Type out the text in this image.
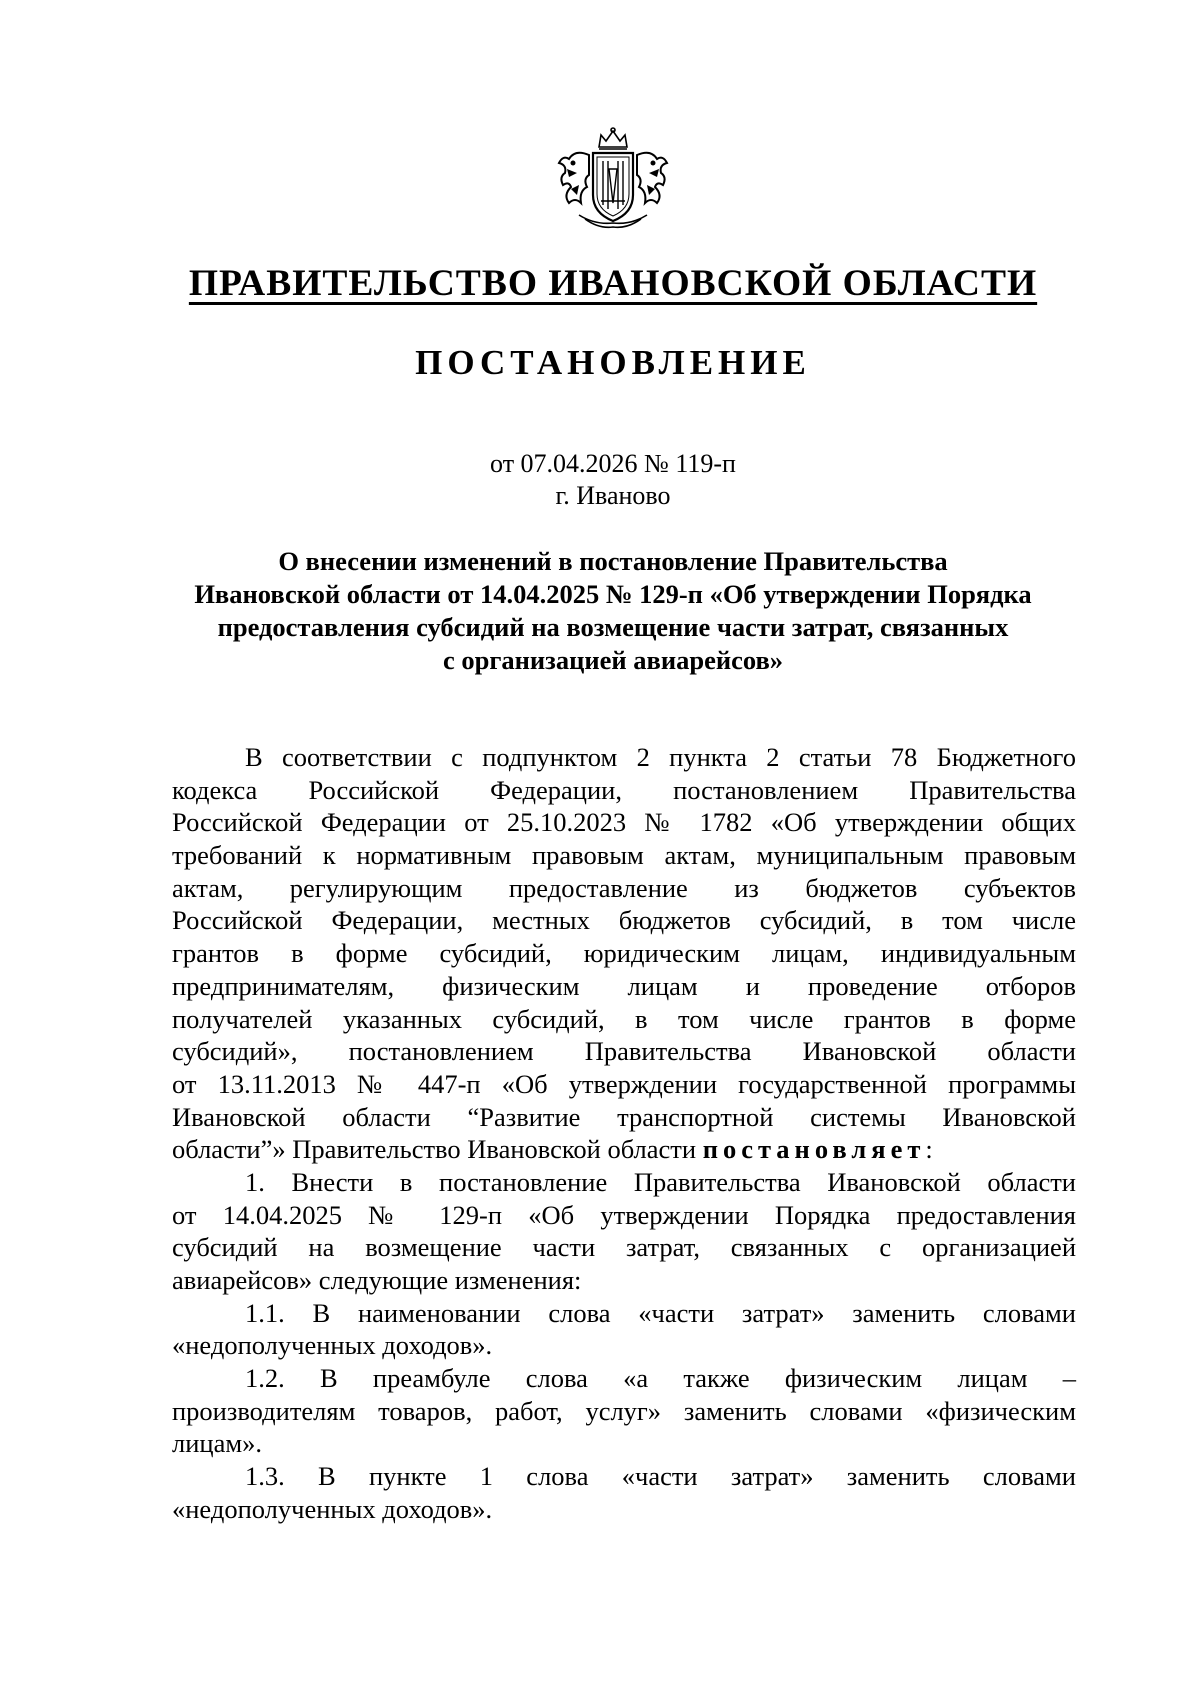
ПРАВИТЕЛЬСТВО ИВАНОВСКОЙ ОБЛАСТИ
ПОСТАНОВЛЕНИЕ
от 07.04.2026 № 119-п
г. Иваново
О внесении изменений в постановление Правительства
Ивановской области от 14.04.2025 № 129-п «Об утверждении Порядка
предоставления субсидий на возмещение части затрат, связанных
с организацией авиарейсов»
В соответствии с подпунктом 2 пункта 2 статьи 78 Бюджетного
кодекса Российской Федерации, постановлением Правительства
Российской Федерации от 25.10.2023 № 1782 «Об утверждении общих
требований к нормативным правовым актам, муниципальным правовым
актам, регулирующим предоставление из бюджетов субъектов
Российской Федерации, местных бюджетов субсидий, в том числе
грантов в форме субсидий, юридическим лицам, индивидуальным
предпринимателям, физическим лицам и проведение отборов
получателей указанных субсидий, в том числе грантов в форме
субсидий», постановлением Правительства Ивановской области
от 13.11.2013 № 447-п «Об утверждении государственной программы
Ивановской области “Развитие транспортной системы Ивановской
области”» Правительство Ивановской области постановляет:
1. Внести в постановление Правительства Ивановской области
от 14.04.2025 № 129-п «Об утверждении Порядка предоставления
субсидий на возмещение части затрат, связанных с организацией
авиарейсов» следующие изменения:
1.1. В наименовании слова «части затрат» заменить словами
«недополученных доходов».
1.2. В преамбуле слова «а также физическим лицам –
производителям товаров, работ, услуг» заменить словами «физическим
лицам».
1.3. В пункте 1 слова «части затрат» заменить словами
«недополученных доходов».
